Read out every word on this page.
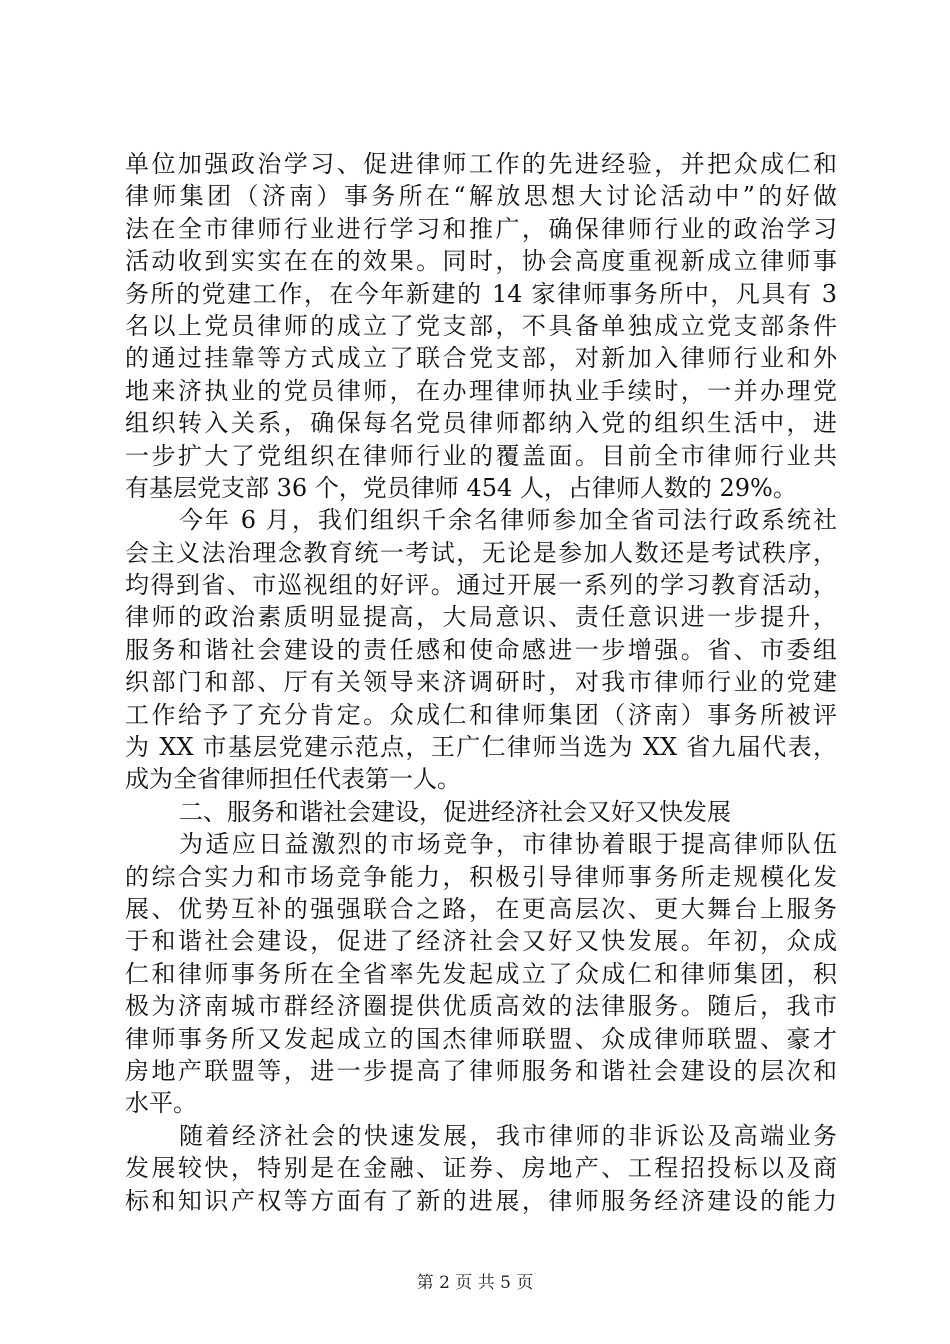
单位加强政治学习、促进律师工作的先进经验，并把众成仁和
律师集团（济南）事务所在“解放思想大讨论活动中”的好做
法在全市律师行业进行学习和推广，确保律师行业的政治学习
活动收到实实在在的效果。同时，协会高度重视新成立律师事
务所的党建工作，在今年新建的 14 家律师事务所中，凡具有 3
名以上党员律师的成立了党支部，不具备单独成立党支部条件
的通过挂靠等方式成立了联合党支部，对新加入律师行业和外
地来济执业的党员律师，在办理律师执业手续时，一并办理党
组织转入关系，确保每名党员律师都纳入党的组织生活中，进
一步扩大了党组织在律师行业的覆盖面。目前全市律师行业共
有基层党支部 36 个，党员律师 454 人，占律师人数的 29%。
今年 6 月，我们组织千余名律师参加全省司法行政系统社
会主义法治理念教育统一考试，无论是参加人数还是考试秩序，
均得到省、市巡视组的好评。通过开展一系列的学习教育活动，
律师的政治素质明显提高，大局意识、责任意识进一步提升，
服务和谐社会建设的责任感和使命感进一步增强。省、市委组
织部门和部、厅有关领导来济调研时，对我市律师行业的党建
工作给予了充分肯定。众成仁和律师集团（济南）事务所被评
为 XX 市基层党建示范点，王广仁律师当选为 XX 省九届代表，
成为全省律师担任代表第一人。
二、服务和谐社会建设，促进经济社会又好又快发展
为适应日益激烈的市场竞争，市律协着眼于提高律师队伍
的综合实力和市场竞争能力，积极引导律师事务所走规模化发
展、优势互补的强强联合之路，在更高层次、更大舞台上服务
于和谐社会建设，促进了经济社会又好又快发展。年初，众成
仁和律师事务所在全省率先发起成立了众成仁和律师集团，积
极为济南城市群经济圈提供优质高效的法律服务。随后，我市
律师事务所又发起成立的国杰律师联盟、众成律师联盟、豪才
房地产联盟等，进一步提高了律师服务和谐社会建设的层次和
水平。
随着经济社会的快速发展，我市律师的非诉讼及高端业务
发展较快，特别是在金融、证券、房地产、工程招投标以及商
标和知识产权等方面有了新的进展，律师服务经济建设的能力
第 2 页 共 5 页
